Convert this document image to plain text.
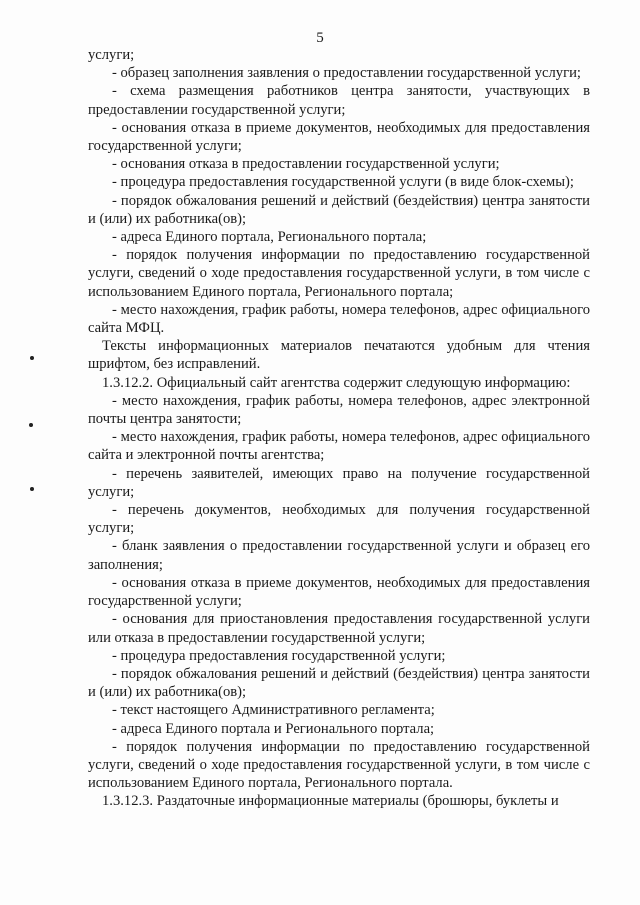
5

услуги;

- образец заполнения заявления о предоставлении государственной услуги;

- схема размещения работников центра занятости, участвующих в предоставлении государственной услуги;

- основания отказа в приеме документов, необходимых для предоставления государственной услуги;

- основания отказа в предоставлении государственной услуги;

- процедура предоставления государственной услуги (в виде блок-схемы);

- порядок обжалования решений и действий (бездействия) центра занятости и (или) их работника(ов);

- адреса Единого портала, Регионального портала;

- порядок получения информации по предоставлению государственной услуги, сведений о ходе предоставления государственной услуги, в том числе с использованием Единого портала, Регионального портала;

- место нахождения, график работы, номера телефонов, адрес официального сайта МФЦ.

Тексты информационных материалов печатаются удобным для чтения шрифтом, без исправлений.

1.3.12.2. Официальный сайт агентства содержит следующую информацию:

- место нахождения, график работы, номера телефонов, адрес электронной почты центра занятости;

- место нахождения, график работы, номера телефонов, адрес официального сайта и электронной почты агентства;

- перечень заявителей, имеющих право на получение государственной услуги;

- перечень документов, необходимых для получения государственной услуги;

- бланк заявления о предоставлении государственной услуги и образец его заполнения;

- основания отказа в приеме документов, необходимых для предоставления государственной услуги;

- основания для приостановления предоставления государственной услуги или отказа в предоставлении государственной услуги;

- процедура предоставления государственной услуги;

- порядок обжалования решений и действий (бездействия) центра занятости и (или) их работника(ов);

- текст настоящего Административного регламента;

- адреса Единого портала и Регионального портала;

- порядок получения информации по предоставлению государственной услуги, сведений о ходе предоставления государственной услуги, в том числе с использованием Единого портала, Регионального портала.

1.3.12.3. Раздаточные информационные материалы (брошюры, буклеты и
